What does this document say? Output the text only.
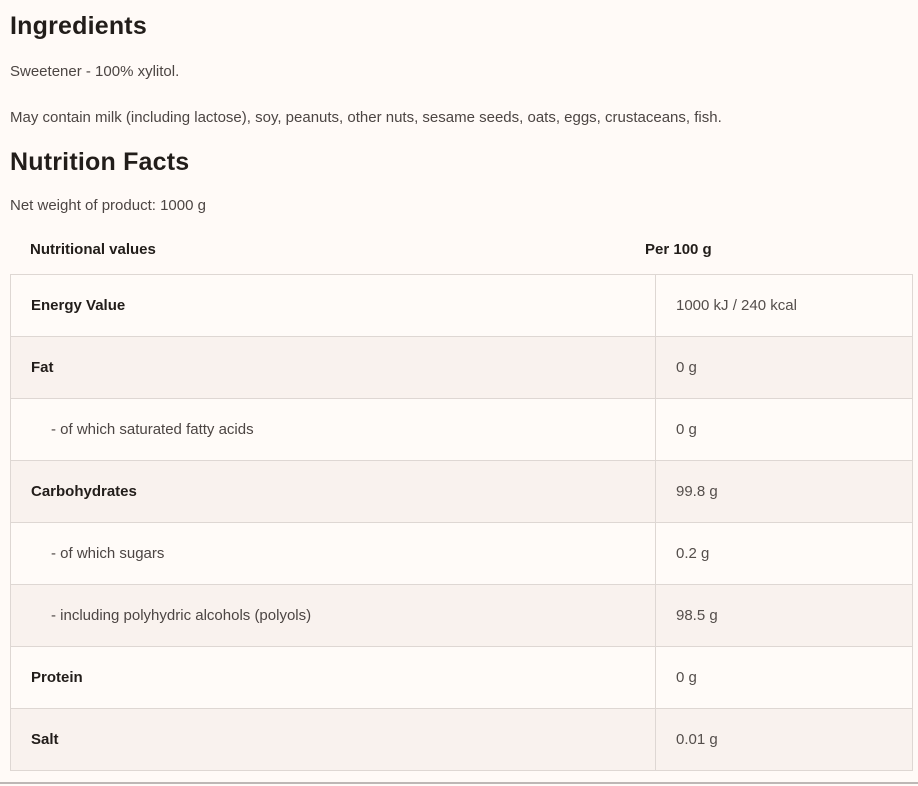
Ingredients

Sweetener - 100% xylitol.

May contain milk (including lactose), soy, peanuts, other nuts, sesame seeds, oats, eggs, crustaceans, fish.

Nutrition Facts

Net weight of product: 1000 g

Nutritional values	Per 100 g
Energy Value	1000 kJ / 240 kcal
Fat	0 g
- of which saturated fatty acids	0 g
Carbohydrates	99.8 g
- of which sugars	0.2 g
- including polyhydric alcohols (polyols)	98.5 g
Protein	0 g
Salt	0.01 g
